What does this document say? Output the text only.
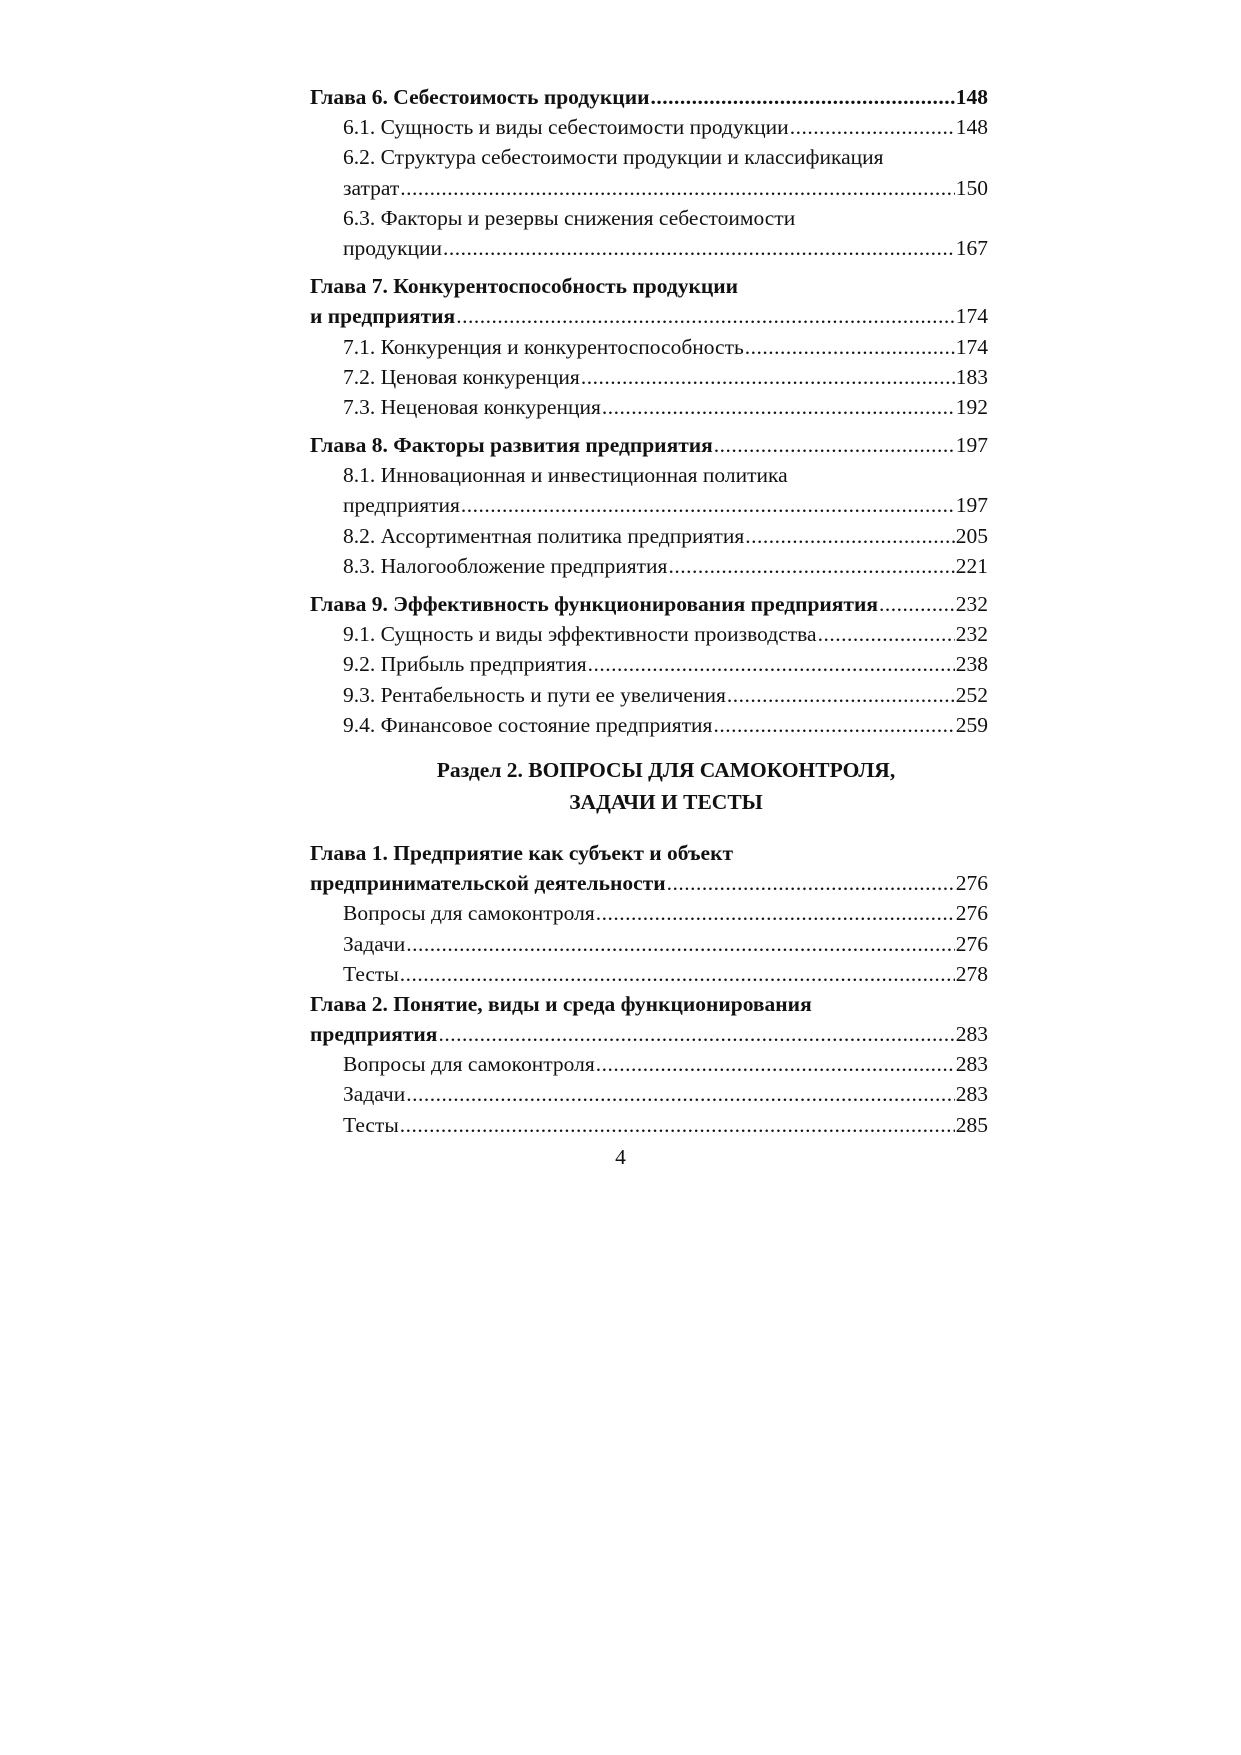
Глава 6. Себестоимость продукции .....	148
6.1. Сущность и виды себестоимости продукции .....	148
6.2. Структура себестоимости продукции и классификация
затрат .....	150
6.3. Факторы и резервы снижения себестоимости
продукции .....	167
Глава 7. Конкурентоспособность продукции
и предприятия .....	174
7.1. Конкуренция и конкурентоспособность .....	174
7.2. Ценовая конкуренция .....	183
7.3. Неценовая конкуренция .....	192
Глава 8. Факторы развития предприятия .....	197
8.1. Инновационная и инвестиционная политика
предприятия .....	197
8.2. Ассортиментная политика предприятия .....	205
8.3. Налогообложение предприятия .....	221
Глава 9. Эффективность функционирования предприятия .....	232
9.1. Сущность и виды эффективности производства .....	232
9.2. Прибыль предприятия .....	238
9.3. Рентабельность и пути ее увеличения .....	252
9.4. Финансовое состояние предприятия .....	259
Раздел 2. ВОПРОСЫ ДЛЯ САМОКОНТРОЛЯ,
ЗАДАЧИ И ТЕСТЫ
Глава 1. Предприятие как субъект и объект
предпринимательской деятельности .....	276
Вопросы для самоконтроля .....	276
Задачи .....	276
Тесты .....	278
Глава 2. Понятие, виды и среда функционирования
предприятия .....	283
Вопросы для самоконтроля .....	283
Задачи .....	283
Тесты .....	285
4
